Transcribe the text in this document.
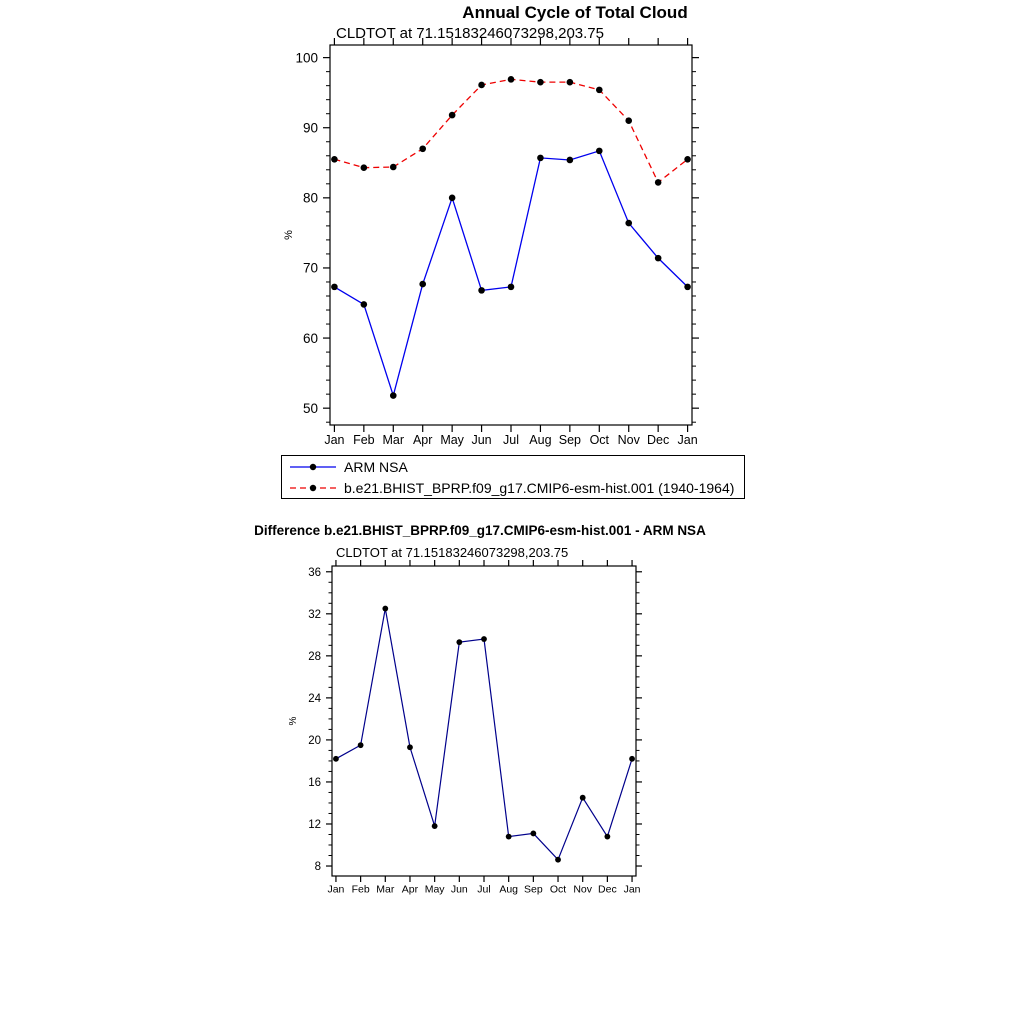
Annual Cycle of Total Cloud
CLDTOT at 71.15183246073298,203.75
50
60
70
80
90
100
Jan Feb Mar Apr May Jun Jul Aug Sep Oct Nov Dec Jan
%
ARM NSA
b.e21.BHIST_BPRP.f09_g17.CMIP6-esm-hist.001 (1940-1964)
Difference b.e21.BHIST_BPRP.f09_g17.CMIP6-esm-hist.001 - ARM NSA
CLDTOT at 71.15183246073298,203.75
8
12
16
20
24
28
32
36
Jan Feb Mar Apr May Jun Jul Aug Sep Oct Nov Dec Jan
%
